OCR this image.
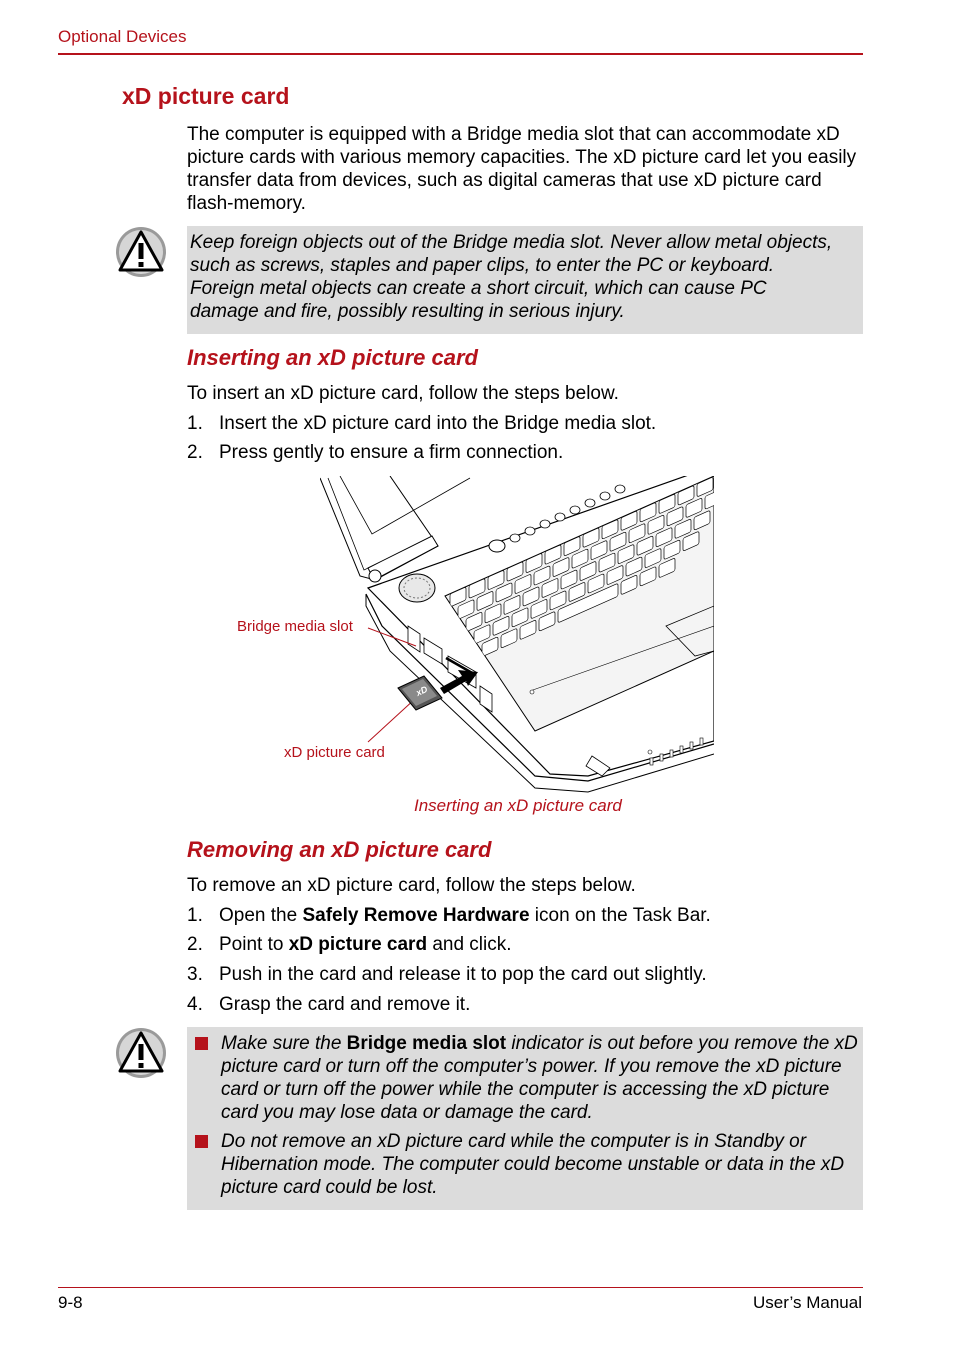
Optional Devices
xD picture card
The computer is equipped with a Bridge media slot that can accommodate xD picture cards with various memory capacities. The xD picture card let you easily transfer data from devices, such as digital cameras that use xD picture card flash-memory.
Keep foreign objects out of the Bridge media slot. Never allow metal objects, such as screws, staples and paper clips, to enter the PC or keyboard. Foreign metal objects can create a short circuit, which can cause PC damage and fire, possibly resulting in serious injury.
Inserting an xD picture card
To insert an xD picture card, follow the steps below.
1. Insert the xD picture card into the Bridge media slot.
2. Press gently to ensure a firm connection.
xD
Bridge media slot
xD picture card
Inserting an xD picture card
Removing an xD picture card
To remove an xD picture card, follow the steps below.
1. Open the Safely Remove Hardware icon on the Task Bar.
2. Point to xD picture card and click.
3. Push in the card and release it to pop the card out slightly.
4. Grasp the card and remove it.
Make sure the Bridge media slot indicator is out before you remove the xD picture card or turn off the computer’s power. If you remove the xD picture card or turn off the power while the computer is accessing the xD picture card you may lose data or damage the card.
Do not remove an xD picture card while the computer is in Standby or Hibernation mode. The computer could become unstable or data in the xD picture card could be lost.
9-8	User’s Manual
